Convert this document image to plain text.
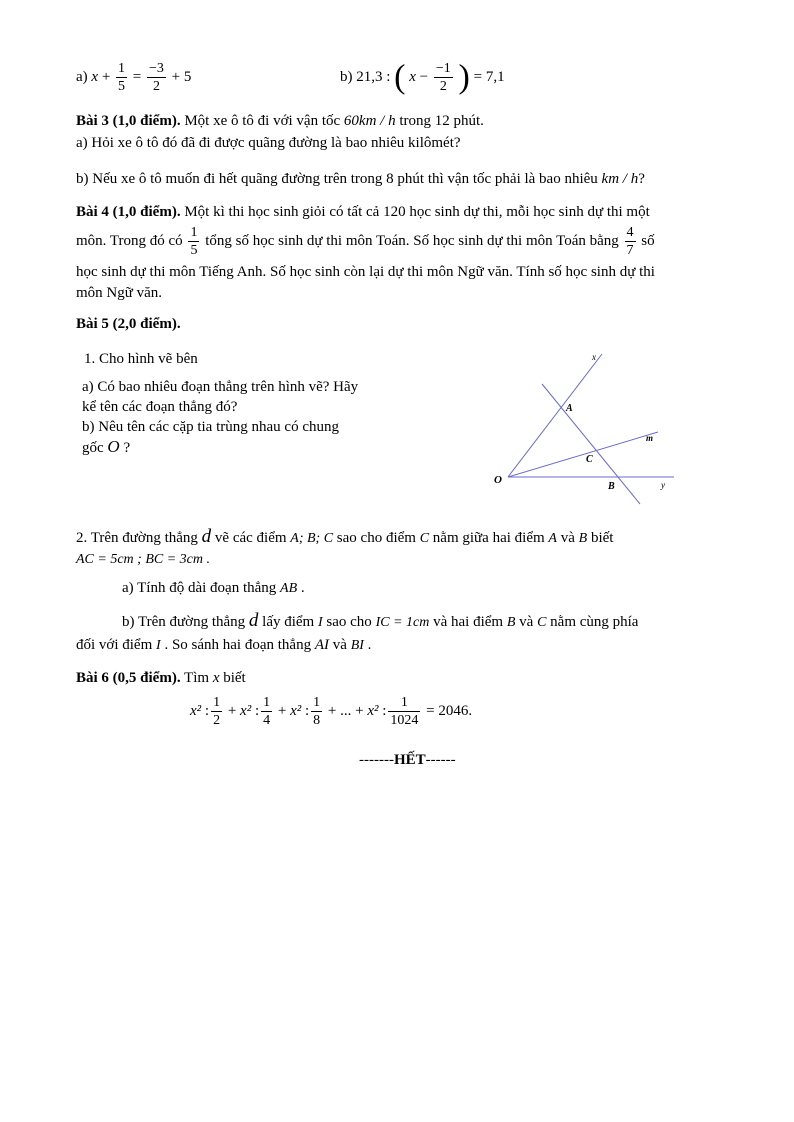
a) $x + \frac{1}{5} = \frac{-3}{2} + 5$	b) 21,3 : ( $x - \frac{-1}{2}$ ) = 7,1
Bài 3 (1,0 điểm). Một xe ô tô đi với vận tốc 60km / h trong 12 phút.
a) Hỏi xe ô tô đó đã đi được quãng đường là bao nhiêu kilômét?
b) Nếu xe ô tô muốn đi hết quãng đường trên trong 8 phút thì vận tốc phải là bao nhiêu km / h?
Bài 4 (1,0 điểm). Một kì thi học sinh giỏi có tất cả 120 học sinh dự thi, mỗi học sinh dự thi một
môn. Trong đó có $\frac{1}{5}$ tổng số học sinh dự thi môn Toán. Số học sinh dự thi môn Toán bằng $\frac{4}{7}$ số
học sinh dự thi môn Tiếng Anh. Số học sinh còn lại dự thi môn Ngữ văn. Tính số học sinh dự thi
môn Ngữ văn.
Bài 5 (2,0 điểm).
1. Cho hình vẽ bên
a) Có bao nhiêu đoạn thẳng trên hình vẽ? Hãy
kể tên các đoạn thẳng đó?
b) Nêu tên các cặp tia trùng nhau có chung
gốc O ?
x
A
m
C
O
B	y
2. Trên đường thẳng d vẽ các điểm A; B; C sao cho điểm C nằm giữa hai điểm A và B biết
AC = 5cm ; BC = 3cm .
a) Tính độ dài đoạn thẳng AB .
b) Trên đường thẳng d lấy điểm I sao cho IC = 1cm và hai điểm B và C nằm cùng phía
đối với điểm I . So sánh hai đoạn thẳng AI và BI .
Bài 6 (0,5 điểm). Tìm x biết
x² : $\frac{1}{2} + x^2$ : $\frac{1}{4} + x^2$ : $\frac{1}{8}$ + ... + x² : $\frac{1}{1024} = 2046$.
-------HẾT------
